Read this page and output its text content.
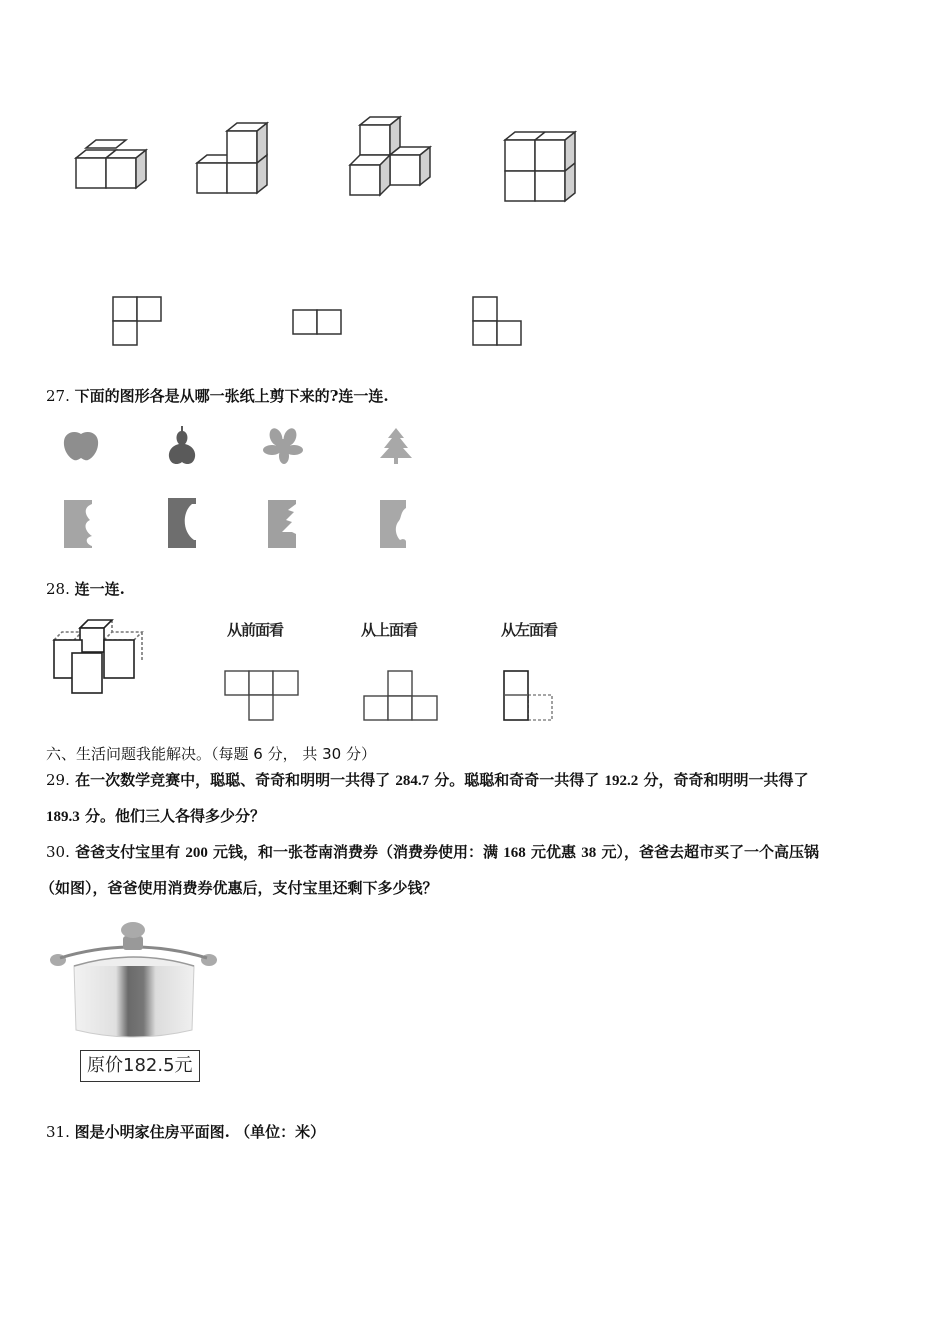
27. 下面的图形各是从哪一张纸上剪下来的?连一连.
28. 连一连.
从前面看	从上面看	从左面看
六、生活问题我能解决。（每题 6 分， 共 30 分）
29. 在一次数学竞赛中，聪聪、奇奇和明明一共得了 284.7 分。聪聪和奇奇一共得了 192.2 分，奇奇和明明一共得了
189.3 分。他们三人各得多少分？
30. 爸爸支付宝里有 200 元钱，和一张苍南消费券（消费券使用：满 168 元优惠 38 元），爸爸去超市买了一个高压锅
（如图），爸爸使用消费券优惠后，支付宝里还剩下多少钱？
原价182.5元
31. 图是小明家住房平面图. （单位：米）
